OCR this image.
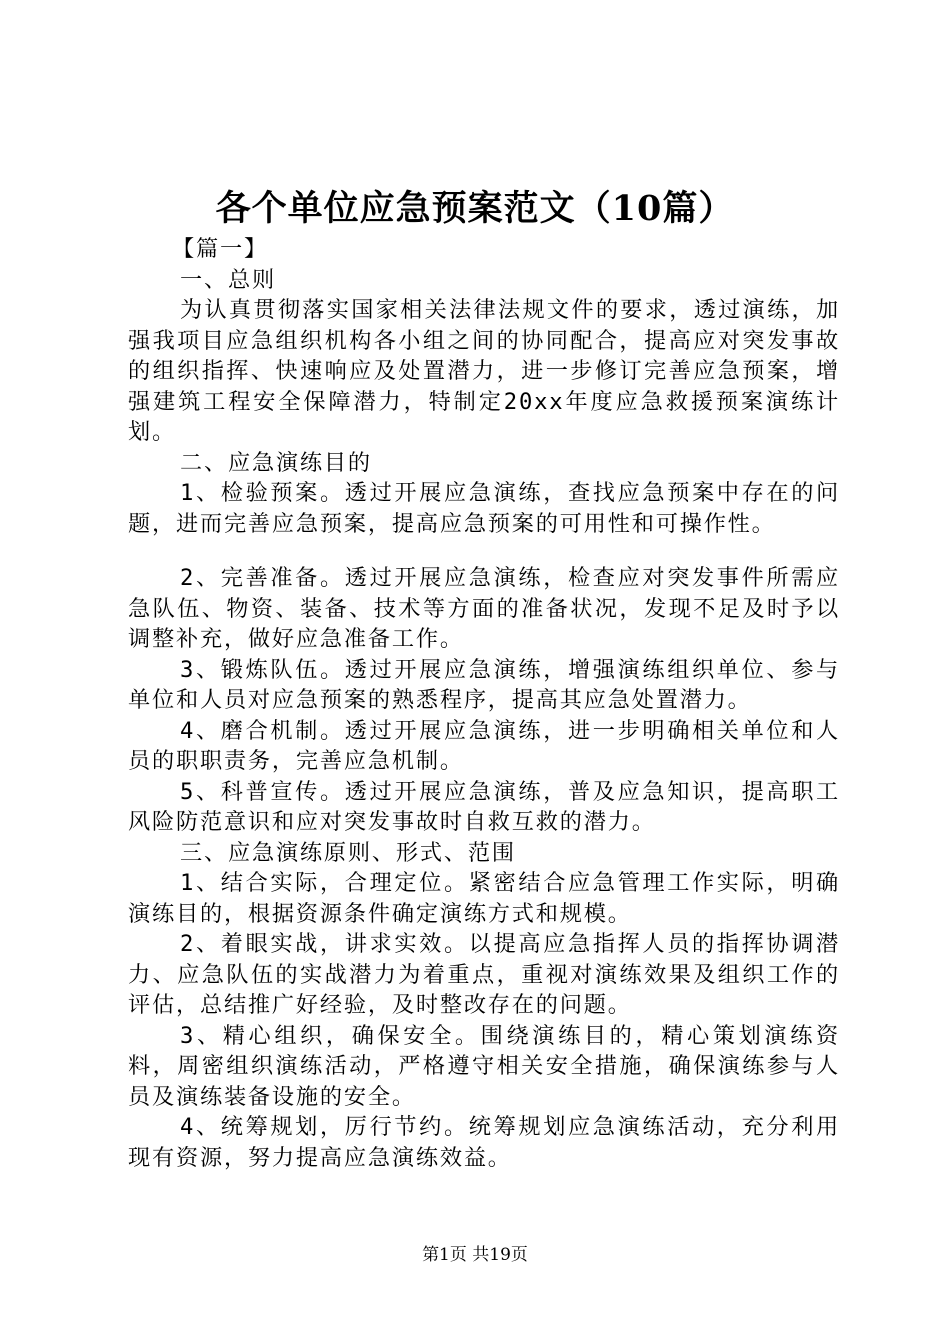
各个单位应急预案范文（10篇）

【篇一】

一、总则

为认真贯彻落实国家相关法律法规文件的要求，透过演练，加强我项目应急组织机构各小组之间的协同配合，提高应对突发事故的组织指挥、快速响应及处置潜力，进一步修订完善应急预案，增强建筑工程安全保障潜力，特制定20xx年度应急救援预案演练计划。

二、应急演练目的

1、检验预案。透过开展应急演练，查找应急预案中存在的问题，进而完善应急预案，提高应急预案的可用性和可操作性。

2、完善准备。透过开展应急演练，检查应对突发事件所需应急队伍、物资、装备、技术等方面的准备状况，发现不足及时予以调整补充，做好应急准备工作。

3、锻炼队伍。透过开展应急演练，增强演练组织单位、参与单位和人员对应急预案的熟悉程序，提高其应急处置潜力。

4、磨合机制。透过开展应急演练，进一步明确相关单位和人员的职职责务，完善应急机制。

5、科普宣传。透过开展应急演练，普及应急知识，提高职工风险防范意识和应对突发事故时自救互救的潜力。

三、应急演练原则、形式、范围

1、结合实际，合理定位。紧密结合应急管理工作实际，明确演练目的，根据资源条件确定演练方式和规模。

2、着眼实战，讲求实效。以提高应急指挥人员的指挥协调潜力、应急队伍的实战潜力为着重点，重视对演练效果及组织工作的评估，总结推广好经验，及时整改存在的问题。

3、精心组织，确保安全。围绕演练目的，精心策划演练资料，周密组织演练活动，严格遵守相关安全措施，确保演练参与人员及演练装备设施的安全。

4、统筹规划，厉行节约。统筹规划应急演练活动，充分利用现有资源，努力提高应急演练效益。

第1页 共19页
